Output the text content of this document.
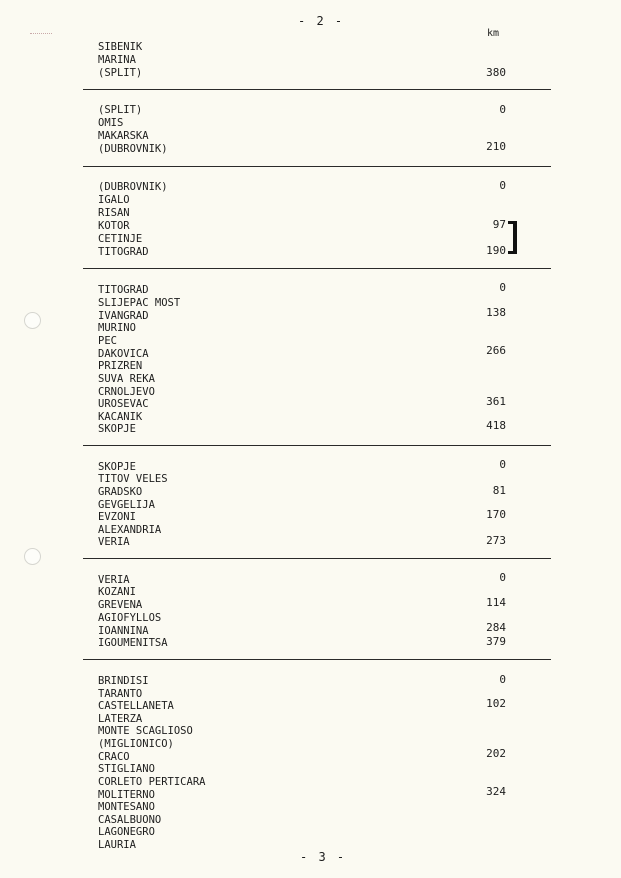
- 2 -
km
SIBENIK
MARINA
(SPLIT)	380
(SPLIT)	0
OMIS
MAKARSKA
(DUBROVNIK)	210
(DUBROVNIK)	0
IGALO
RISAN
KOTOR	97
CETINJE
TITOGRAD	190
TITOGRAD	0
SLIJEPAC MOST
IVANGRAD	138
MURINO
PEC
DAKOVICA	266
PRIZREN
SUVA REKA
CRNOLJEVO
UROSEVAC	361
KACANIK
SKOPJE	418
SKOPJE	0
TITOV VELES
GRADSKO	81
GEVGELIJA
EVZONI	170
ALEXANDRIA
VERIA	273
VERIA	0
KOZANI
GREVENA	114
AGIOFYLLOS
IOANNINA	284
IGOUMENITSA	379
BRINDISI	0
TARANTO
CASTELLANETA	102
LATERZA
MONTE SCAGLIOSO
(MIGLIONICO)
CRACO	202
STIGLIANO
CORLETO PERTICARA
MOLITERNO	324
MONTESANO
CASALBUONO
LAGONEGRO
LAURIA
- 3 -
